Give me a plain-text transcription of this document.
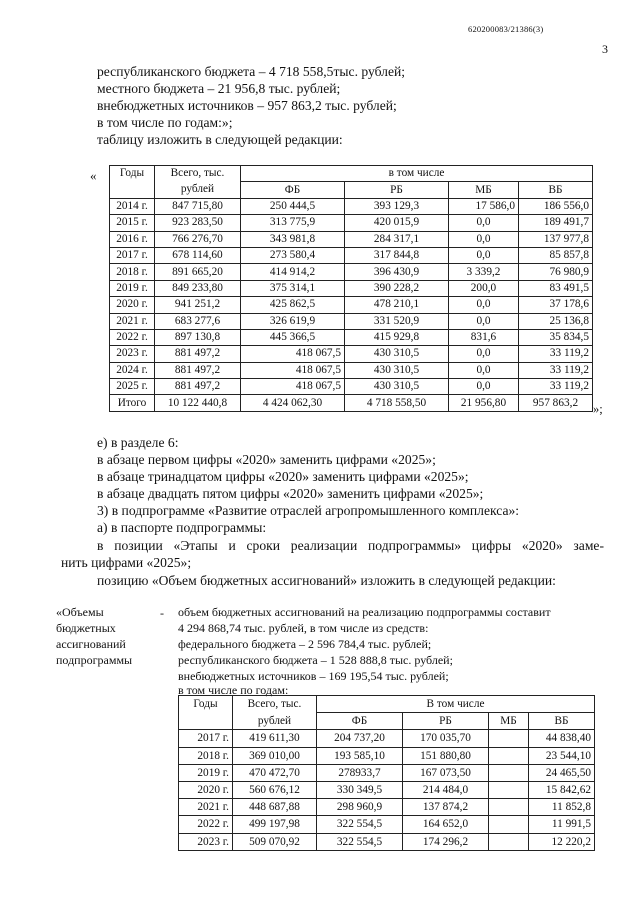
620200083/21386(3)
3
республиканского бюджета – 4 718 558,5тыс. рублей;
местного бюджета – 21 956,8 тыс. рублей;
внебюджетных источников – 957 863,2 тыс. рублей;
в том числе по годам:»;
таблицу изложить в следующей редакции:
« Годы	Всего, тыс.	в том числе			
	рублей	ФБ	РБ	МБ	ВБ
2014 г.	847 715,80	250 444,5	393 129,3	17 586,0	186 556,0
2015 г.	923 283,50	313 775,9	420 015,9	0,0	189 491,7
2016 г.	766 276,70	343 981,8	284 317,1	0,0	137 977,8
2017 г.	678 114,60	273 580,4	317 844,8	0,0	85 857,8
2018 г.	891 665,20	414 914,2	396 430,9	3 339,2	76 980,9
2019 г.	849 233,80	375 314,1	390 228,2	200,0	83 491,5
2020 г.	941 251,2	425 862,5	478 210,1	0,0	37 178,6
2021 г.	683 277,6	326 619,9	331 520,9	0,0	25 136,8
2022 г.	897 130,8	445 366,5	415 929,8	831,6	35 834,5
2023 г.	881 497,2	418 067,5	430 310,5	0,0	33 119,2
2024 г.	881 497,2	418 067,5	430 310,5	0,0	33 119,2
2025 г.	881 497,2	418 067,5	430 310,5	0,0	33 119,2
Итого	10 122 440,8	4 424 062,30	4 718 558,50	21 956,80	957 863,2 »;
е) в разделе 6:
в абзаце первом цифры «2020» заменить цифрами «2025»;
в абзаце тринадцатом цифры «2020» заменить цифрами «2025»;
в абзаце двадцать пятом цифры «2020» заменить цифрами «2025»;
3) в подпрограмме «Развитие отраслей агропромышленного комплекса»:
а) в паспорте подпрограммы:
в позиции «Этапы и сроки реализации подпрограммы» цифры «2020» заме-
нить цифрами «2025»;
позицию «Объем бюджетных ассигнований» изложить в следующей редакции:
«Объемы
бюджетных
ассигнований
подпрограммы
- объем бюджетных ассигнований на реализацию подпрограммы составит
4 294 868,74 тыс. рублей, в том числе из средств:
федерального бюджета – 2 596 784,4 тыс. рублей;
республиканского бюджета – 1 528 888,8 тыс. рублей;
внебюджетных источников – 169 195,54 тыс. рублей;
в том числе по годам:
Годы	Всего, тыс.	В том числе			
	рублей	ФБ	РБ	МБ	ВБ
2017 г.	419 611,30	204 737,20	170 035,70		44 838,40
2018 г.	369 010,00	193 585,10	151 880,80		23 544,10
2019 г.	470 472,70	278933,7	167 073,50		24 465,50
2020 г.	560 676,12	330 349,5	214 484,0		15 842,62
2021 г.	448 687,88	298 960,9	137 874,2		11 852,8
2022 г.	499 197,98	322 554,5	164 652,0		11 991,5
2023 г.	509 070,92	322 554,5	174 296,2		12 220,2
